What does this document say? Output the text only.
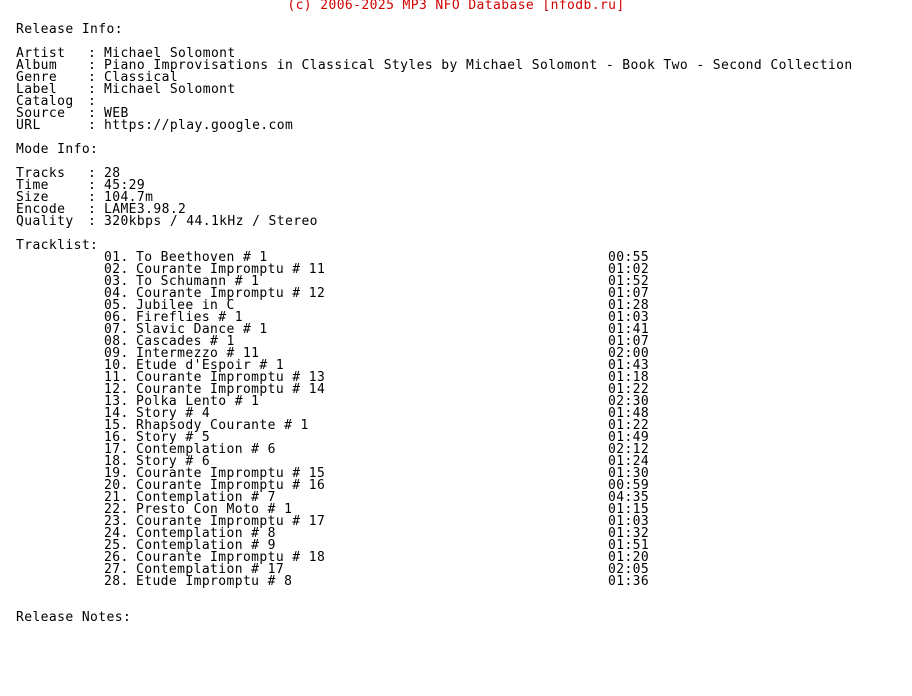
(c) 2006-2025 MP3 NFO Database [nfodb.ru]
Release Info:
Artist	: Michael Solomont
Album	: Piano Improvisations in Classical Styles by Michael Solomont - Book Two - Second Collection
Genre	: Classical
Label	: Michael Solomont
Catalog	:
Source	: WEB
URL	: https://play.google.com
Mode Info:
Tracks	: 28
Time	: 45:29
Size	: 104.7m
Encode	: LAME3.98.2
Quality	: 320kbps / 44.1kHz / Stereo
Tracklist:
01. To Beethoven # 1	00:55
02. Courante Impromptu # 11	01:02
03. To Schumann # 1	01:52
04. Courante Impromptu # 12	01:07
05. Jubilee in C	01:28
06. Fireflies # 1	01:03
07. Slavic Dance # 1	01:41
08. Cascades # 1	01:07
09. Intermezzo # 11	02:00
10. Etude d'Espoir # 1	01:43
11. Courante Impromptu # 13	01:18
12. Courante Impromptu # 14	01:22
13. Polka Lento # 1	02:30
14. Story # 4	01:48
15. Rhapsody Courante # 1	01:22
16. Story # 5	01:49
17. Contemplation # 6	02:12
18. Story # 6	01:24
19. Courante Impromptu # 15	01:30
20. Courante Impromptu # 16	00:59
21. Contemplation # 7	04:35
22. Presto Con Moto # 1	01:15
23. Courante Impromptu # 17	01:03
24. Contemplation # 8	01:32
25. Contemplation # 9	01:51
26. Courante Impromptu # 18	01:20
27. Contemplation # 17	02:05
28. Etude Impromptu # 8	01:36
Release Notes:
